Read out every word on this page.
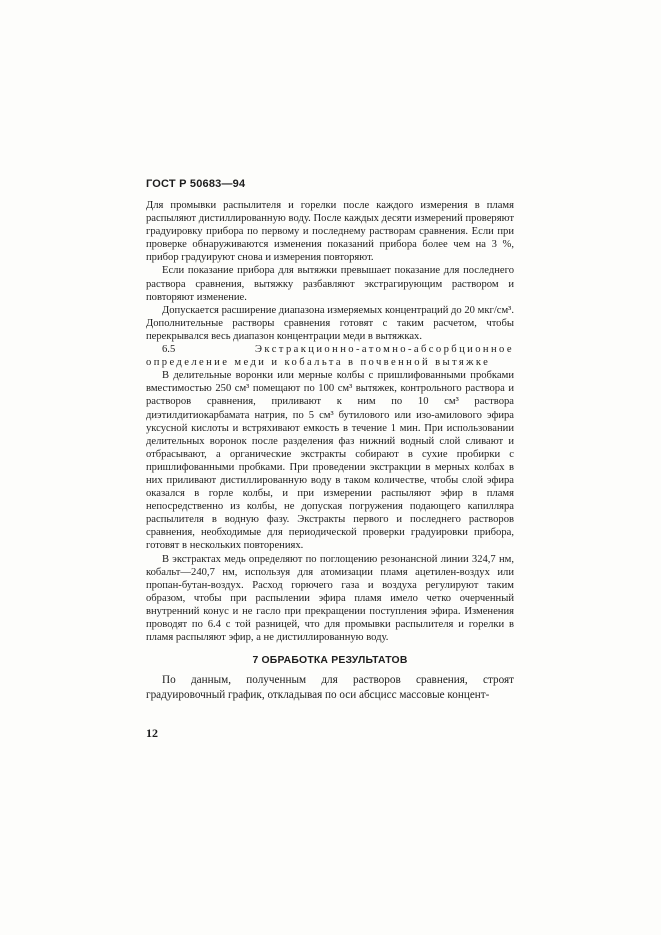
ГОСТ Р 50683—94

Для промывки распылителя и горелки после каждого измерения в пламя распыляют дистиллированную воду. После каждых десяти измерений проверяют градуировку прибора по первому и последнему растворам сравнения. Если при проверке обнаруживаются изменения показаний прибора более чем на 3 %, прибор градуируют снова и измерения повторяют.

Если показание прибора для вытяжки превышает показание для последнего раствора сравнения, вытяжку разбавляют экстрагирующим раствором и повторяют изменение.

Допускается расширение диапазона измеряемых концентраций до 20 мкг/см³. Дополнительные растворы сравнения готовят с таким расчетом, чтобы перекрывался весь диапазон концентрации меди в вытяжках.

6.5	Экстракционно-атомно-абсорбционное определение меди и кобальта в почвенной вытяжке

В делительные воронки или мерные колбы с пришлифованными пробками вместимостью 250 см³ помещают по 100 см³ вытяжек, контрольного раствора и растворов сравнения, приливают к ним по 10 см³ раствора диэтилдитиокарбамата натрия, по 5 см³ бутилового или изо-амилового эфира уксусной кислоты и встряхивают емкость в течение 1 мин. При использовании делительных воронок после разделения фаз нижний водный слой сливают и отбрасывают, а органические экстракты собирают в сухие пробирки с пришлифованными пробками. При проведении экстракции в мерных колбах в них приливают дистиллированную воду в таком количестве, чтобы слой эфира оказался в горле колбы, и при измерении распыляют эфир в пламя непосредственно из колбы, не допуская погружения подающего капилляра распылителя в водную фазу. Экстракты первого и последнего растворов сравнения, необходимые для периодической проверки градуировки прибора, готовят в нескольких повторениях.

В экстрактах медь определяют по поглощению резонансной линии 324,7 нм, кобальт—240,7 нм, используя для атомизации пламя ацетилен-воздух или пропан-бутан-воздух. Расход горючего газа и воздуха регулируют таким образом, чтобы при распылении эфира пламя имело четко очерченный внутренний конус и не гасло при прекращении поступления эфира. Изменения проводят по 6.4 с той разницей, что для промывки распылителя и горелки в пламя распыляют эфир, а не дистиллированную воду.

7 ОБРАБОТКА РЕЗУЛЬТАТОВ

По данным, полученным для растворов сравнения, строят градуировочный график, откладывая по оси абсцисс массовые концент-

12
